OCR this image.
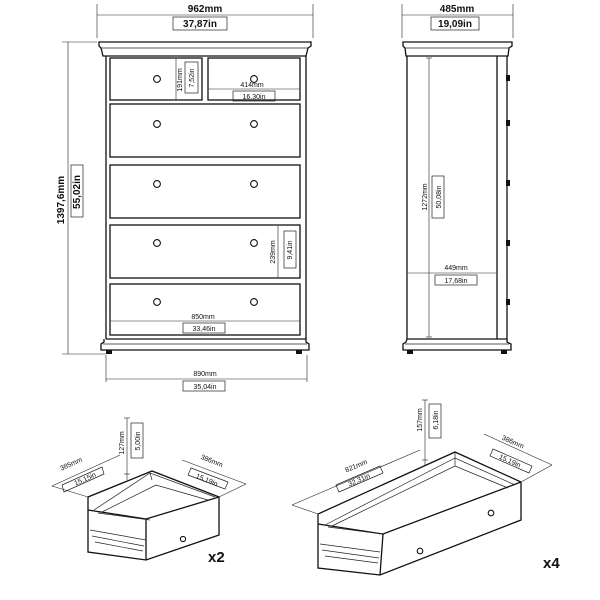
962mm
37,87in
191mm 7,52in	414mm
16,30in
239mm 9,41in
850mm
33,46in
1397,6mm 55,02in
890mm
35,04in
485mm
19,09in
1272mm 50,08in
449mm
17,68in
127mm 5,00in
385mm
15,15in
386mm
15,19in
x2
157mm 6,18in
821mm
32,31in
386mm
15,19in
x4
